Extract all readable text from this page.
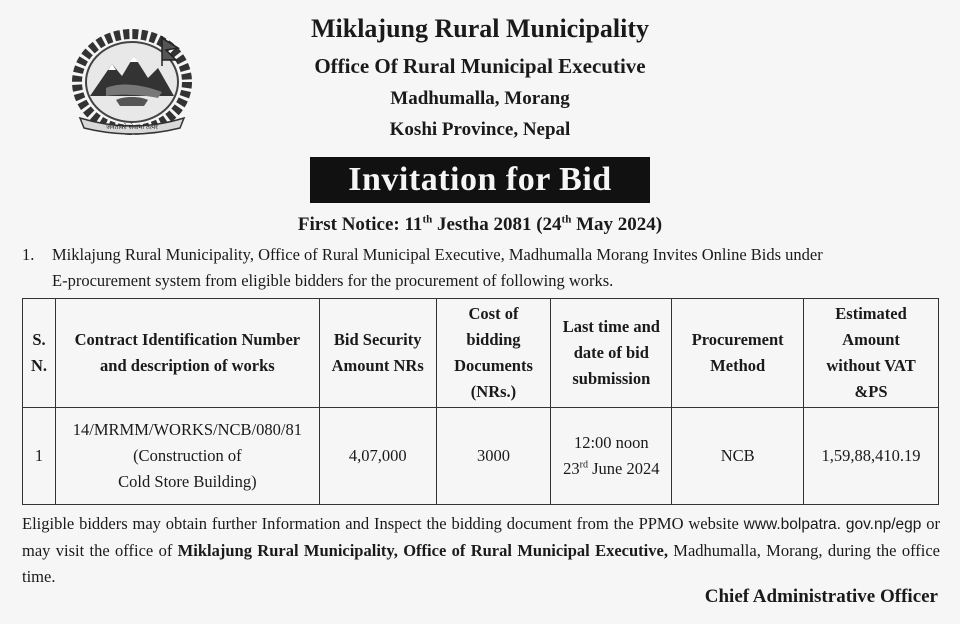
जनताको सेवामा तत्पर
Miklajung Rural Municipality
Office Of Rural Municipal Executive
Madhumalla, Morang
Koshi Province, Nepal
Invitation for Bid
First Notice: 11th Jestha 2081 (24th May 2024)
1. Miklajung Rural Municipality, Office of Rural Municipal Executive, Madhumalla Morang Invites Online Bids under
E-procurement system from eligible bidders for the procurement of following works.
S.
N.	Contract Identification Number
and description of works	Bid Security
Amount NRs	Cost of
bidding
Documents
(NRs.)	Last time and
date of bid
submission	Procurement
Method	Estimated
Amount
without VAT
&PS
1	14/MRMM/WORKS/NCB/080/81
(Construction of
Cold Store Building)	4,07,000	3000	12:00 noon
23rd June 2024	NCB	1,59,88,410.19
Eligible bidders may obtain further Information and Inspect the bidding document from the PPMO website www.bolpatra. gov.np/egp or may visit the office of Miklajung Rural Municipality, Office of Rural Municipal Executive, Madhumalla, Morang, during the office time.
Chief Administrative Officer
